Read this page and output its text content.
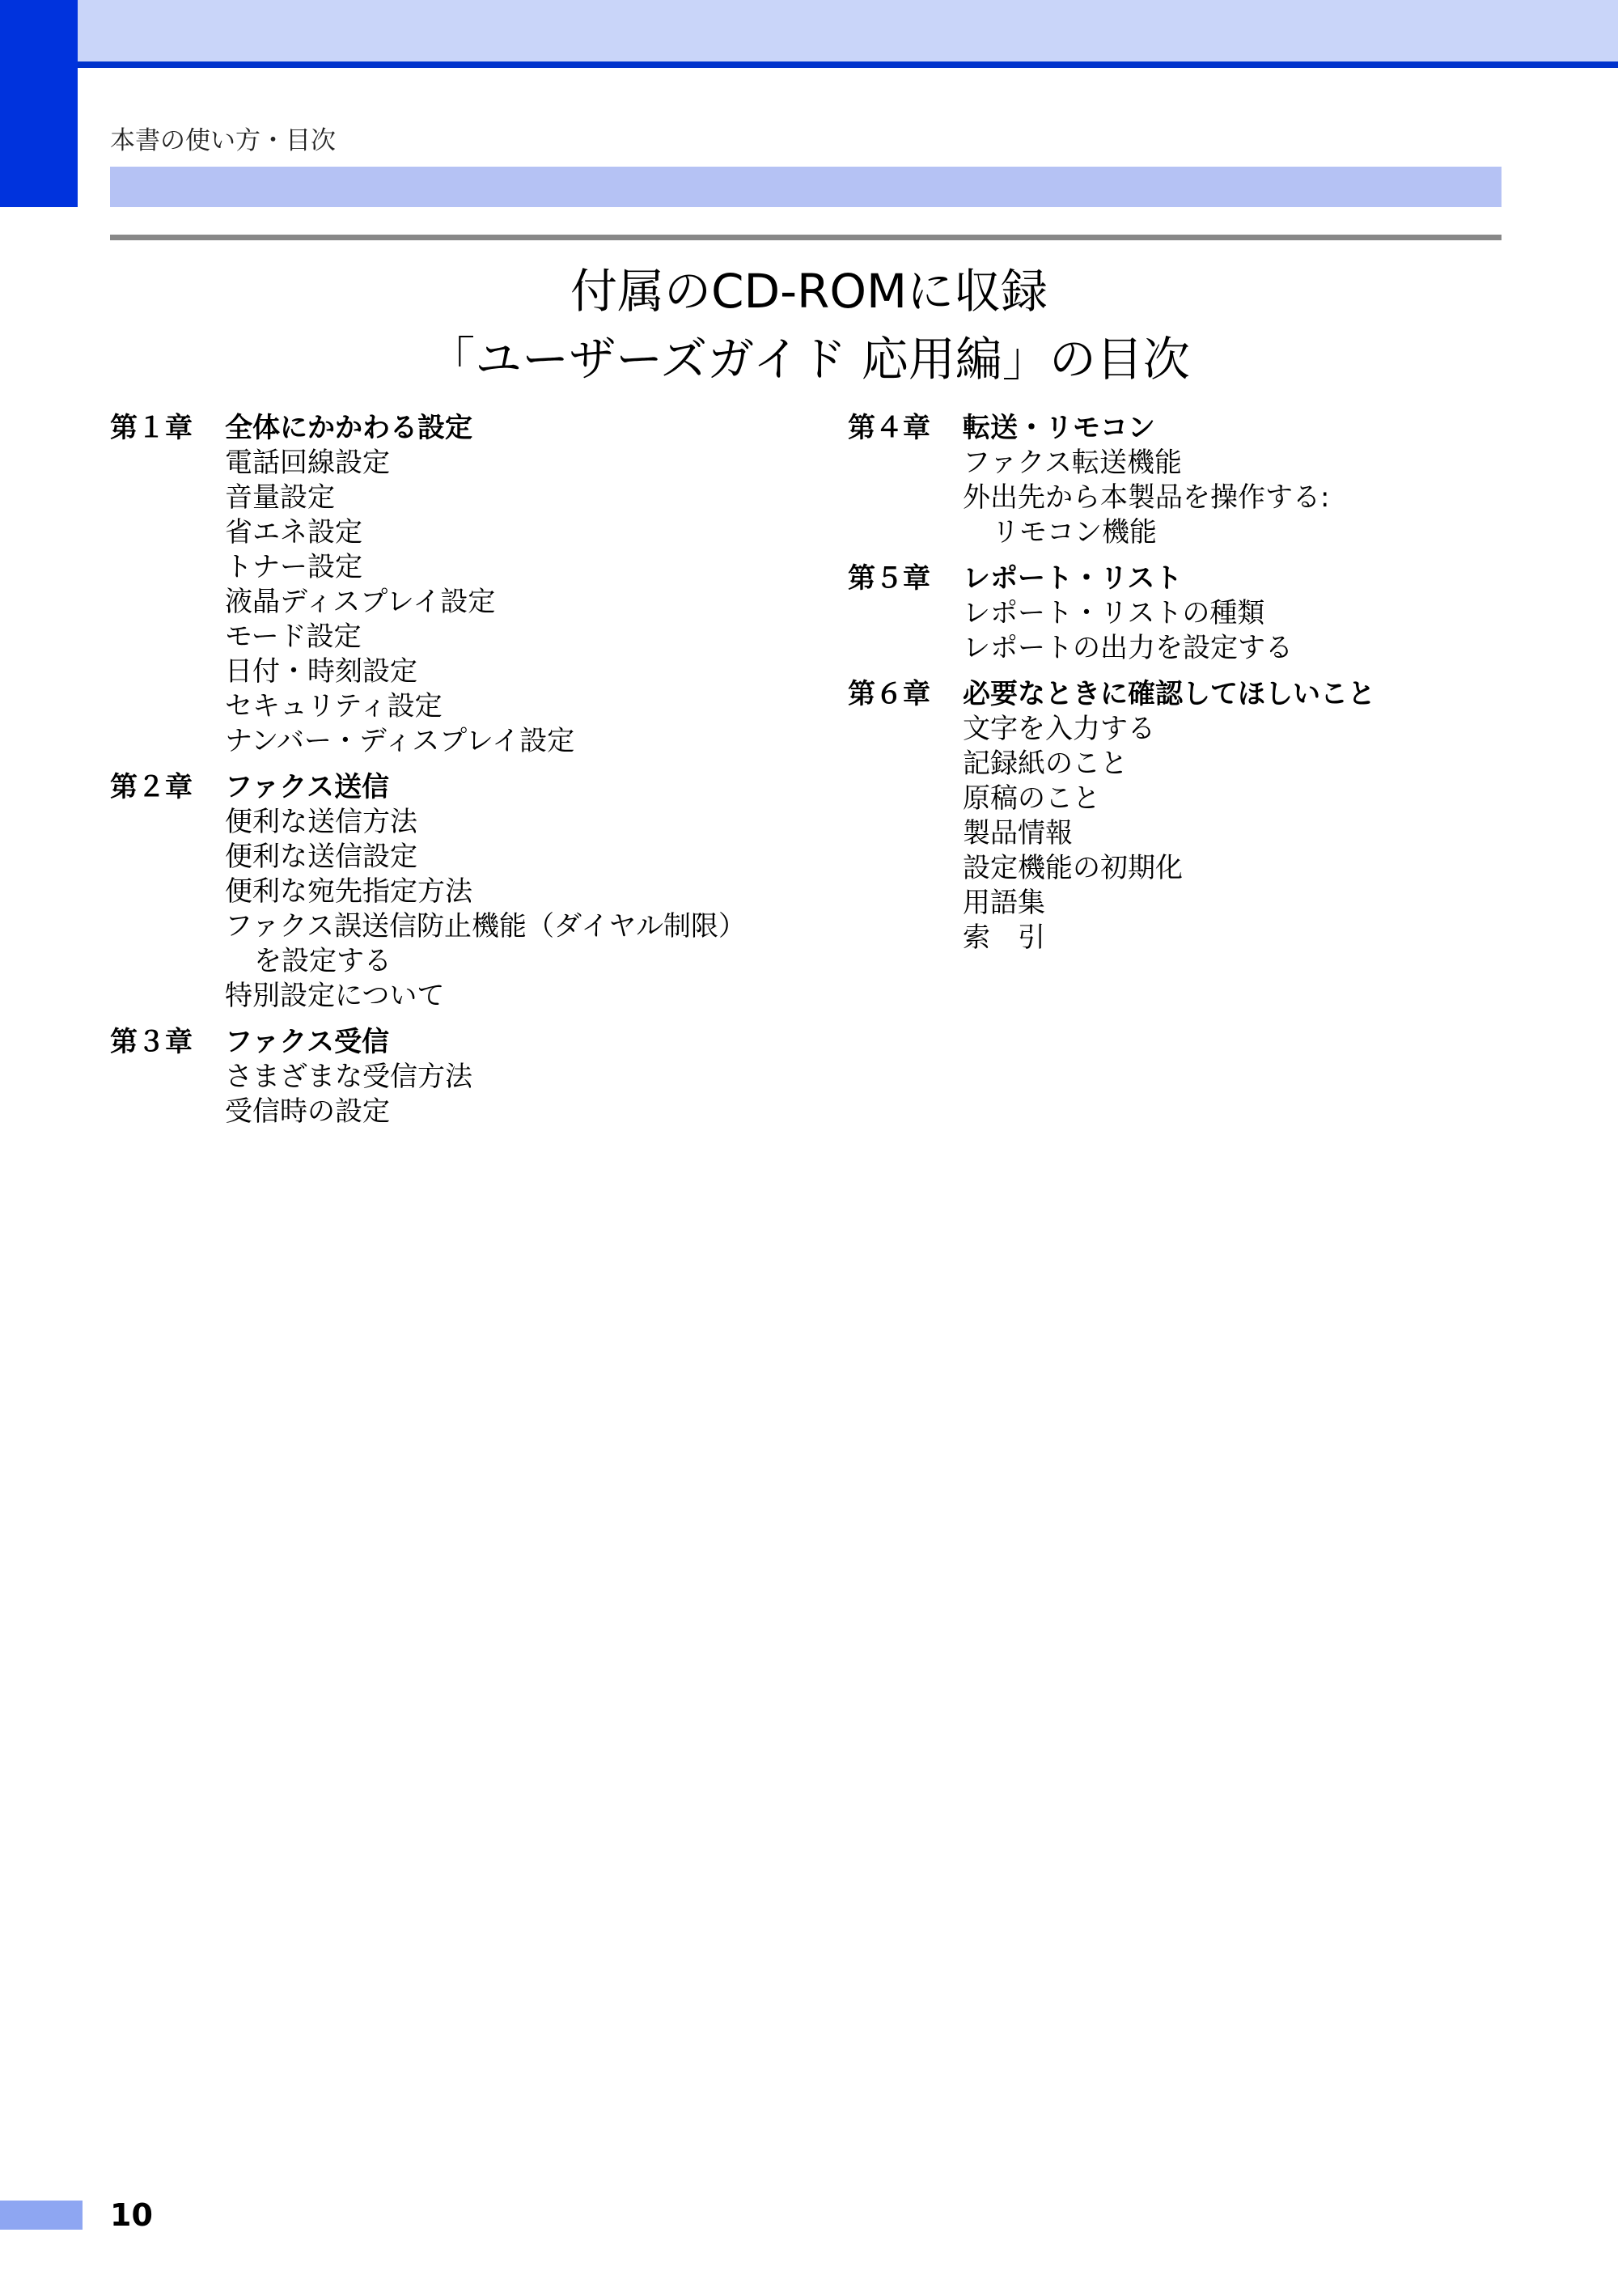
本書の使い方・目次
付属のCD-ROMに収録
「ユーザーズガイド 応用編」の目次
第１章 全体にかかわる設定
電話回線設定
音量設定
省エネ設定
トナー設定
液晶ディスプレイ設定
モード設定
日付・時刻設定
セキュリティ設定
ナンバー・ディスプレイ設定
第２章 ファクス送信
便利な送信方法
便利な送信設定
便利な宛先指定方法
ファクス誤送信防止機能（ダイヤル制限）
を設定する
特別設定について
第３章 ファクス受信
さまざまな受信方法
受信時の設定
第４章 転送・リモコン
ファクス転送機能
外出先から本製品を操作する:
リモコン機能
第５章 レポート・リスト
レポート・リストの種類
レポートの出力を設定する
第６章 必要なときに確認してほしいこと
文字を入力する
記録紙のこと
原稿のこと
製品情報
設定機能の初期化
用語集
索　引
10
